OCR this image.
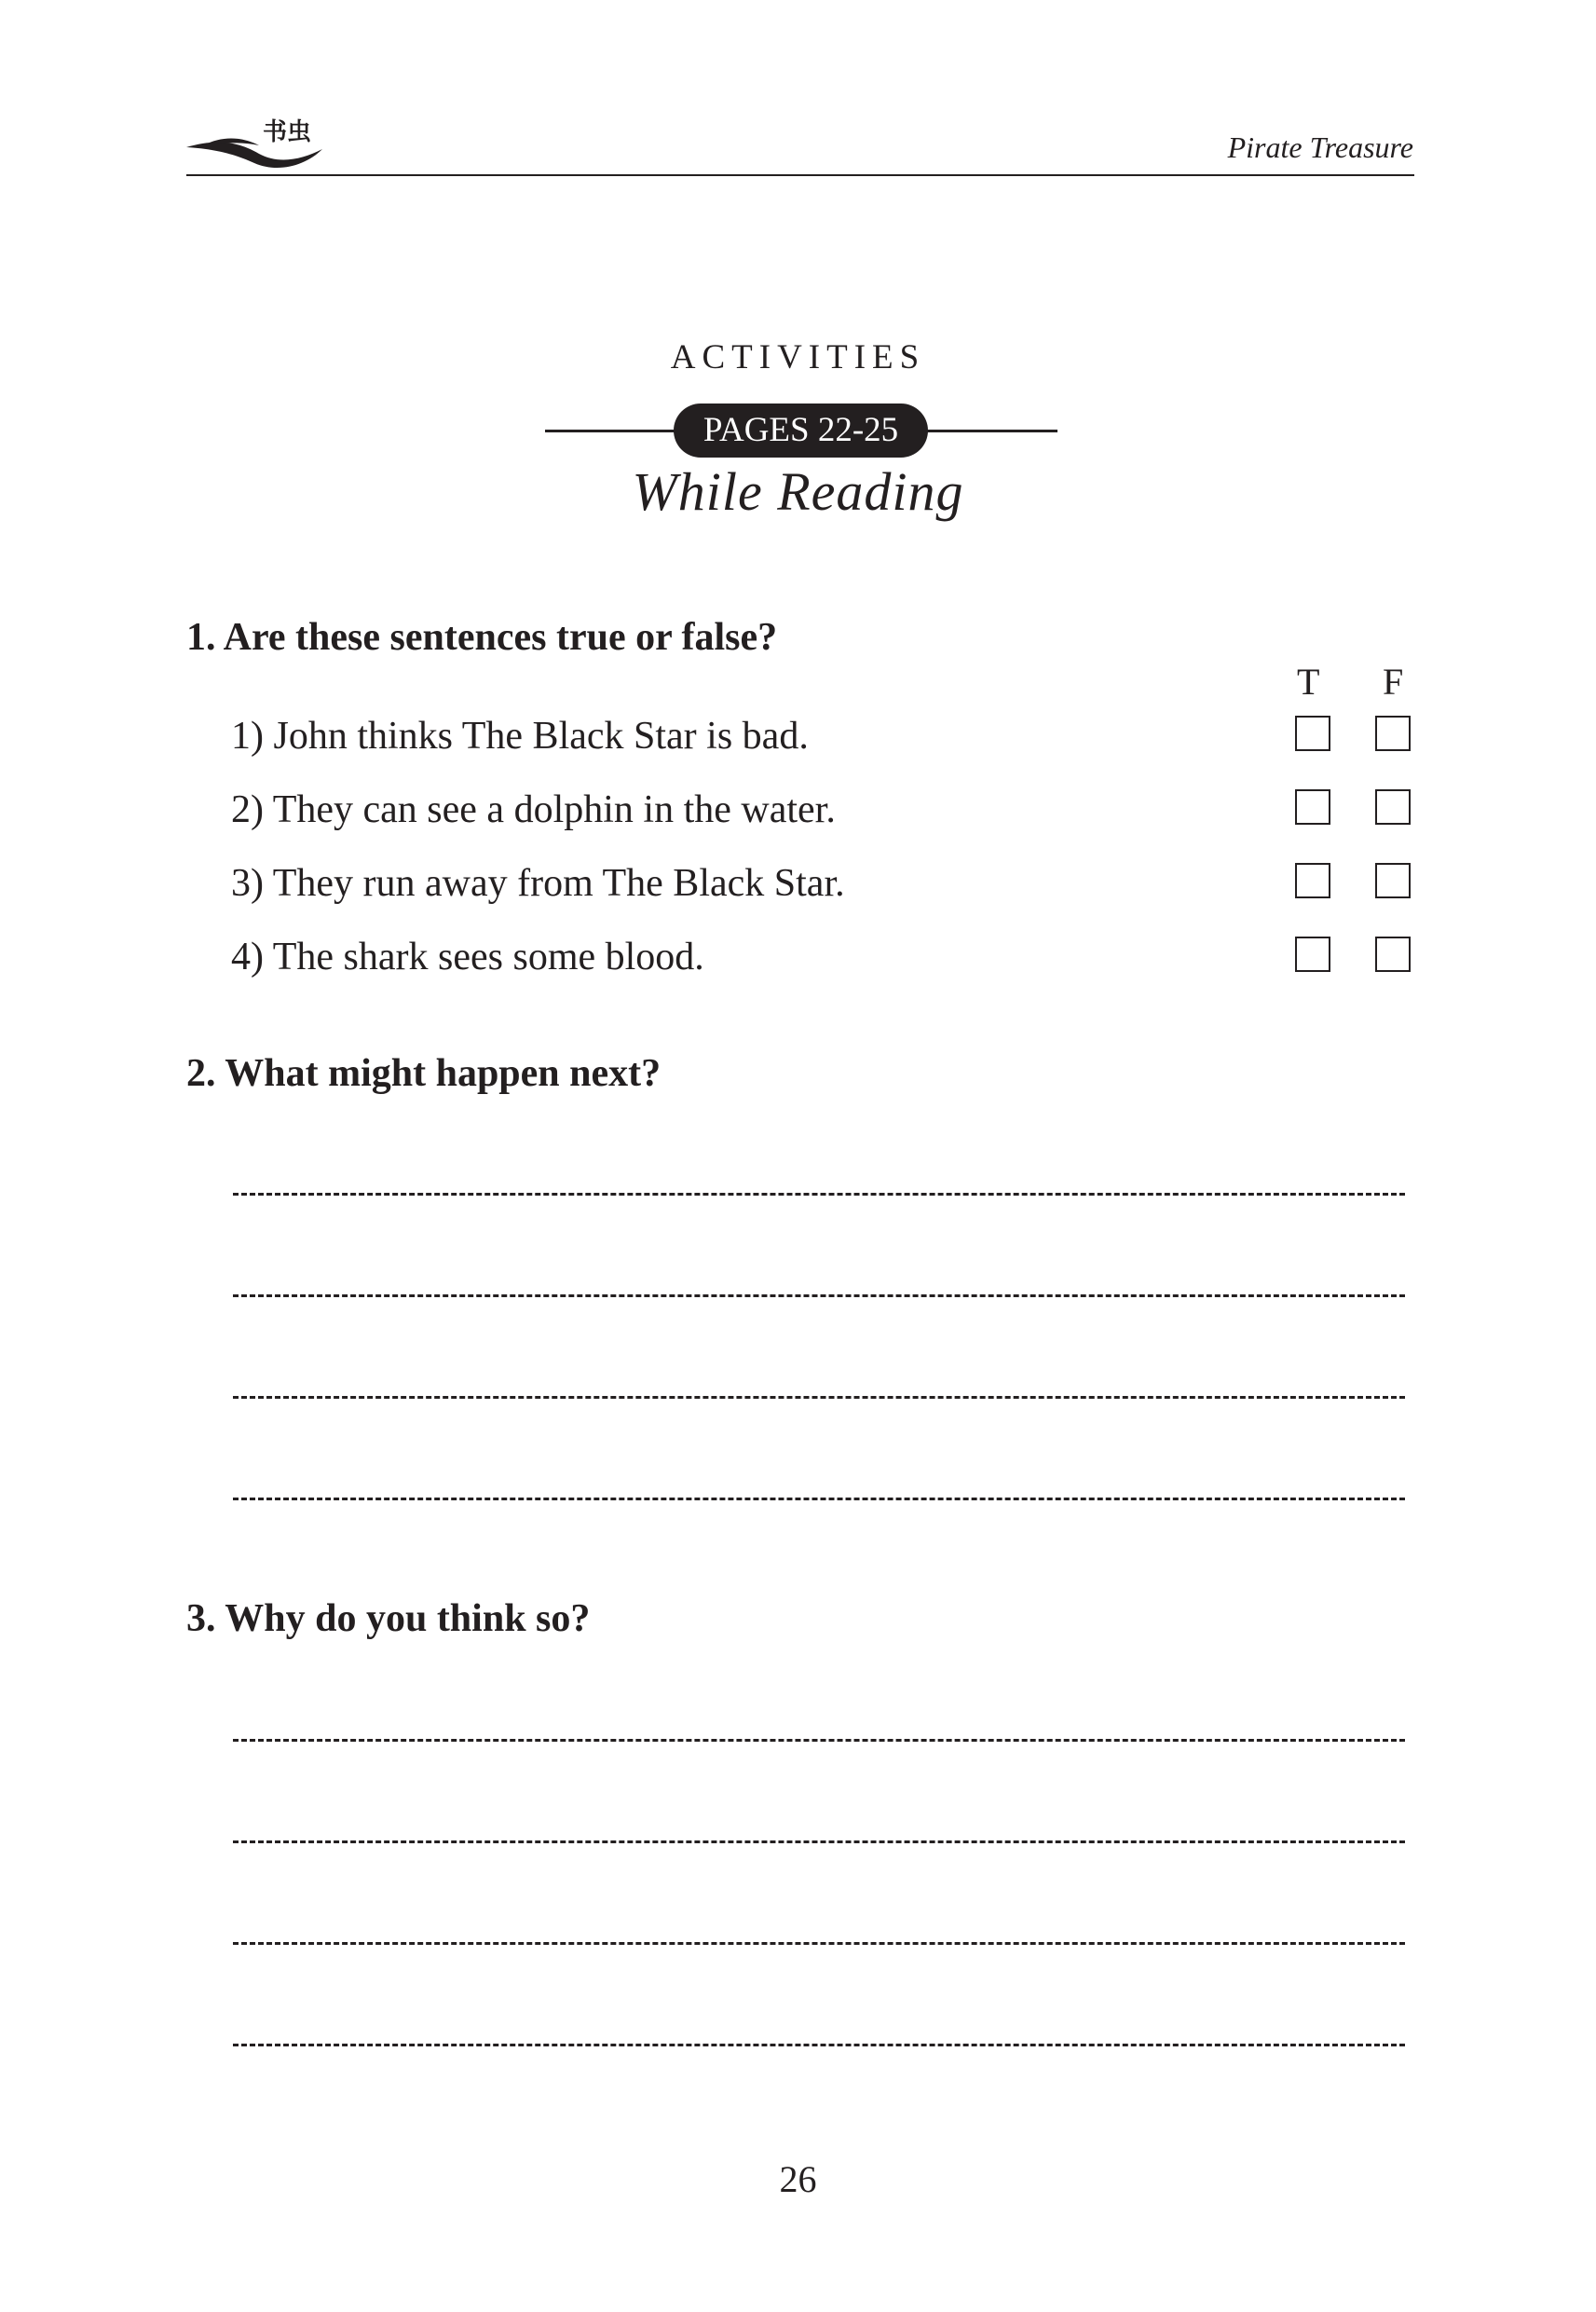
书虫	Pirate Treasure
ACTIVITIES
PAGES 22-25
While Reading
1. Are these sentences true or false?
T F
1) John thinks The Black Star is bad.
2) They can see a dolphin in the water.
3) They run away from The Black Star.
4) The shark sees some blood.
2. What might happen next?
3. Why do you think so?
26
